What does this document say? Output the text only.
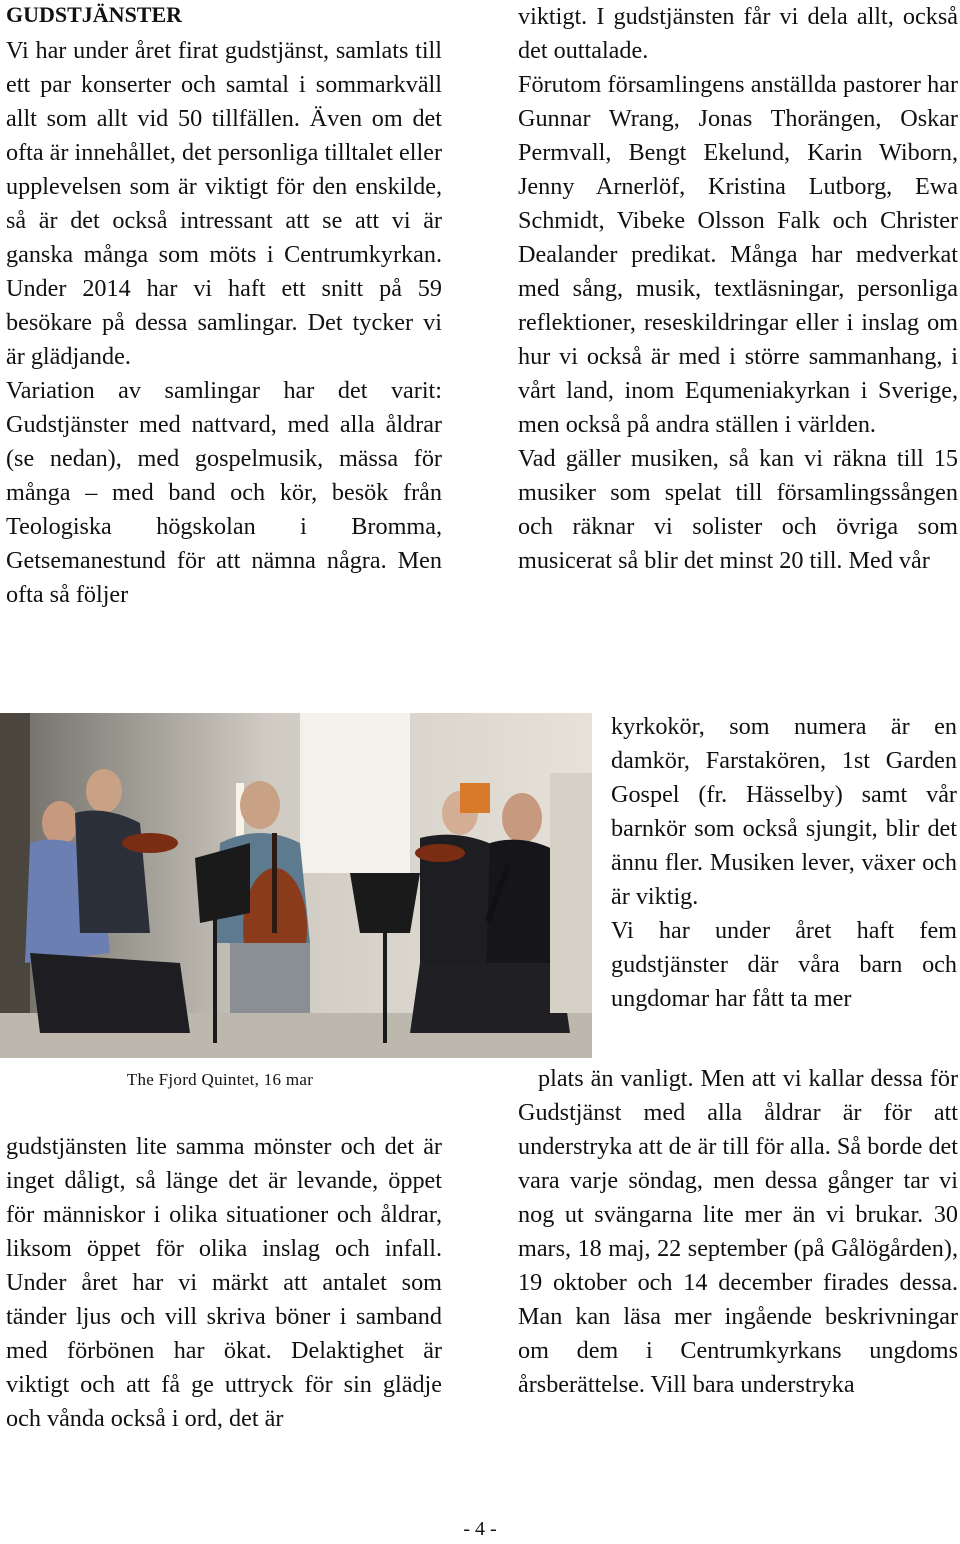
GUDSTJÄNSTER

Vi har under året firat gudstjänst, samlats till ett par konserter och samtal i sommarkväll allt som allt vid 50 tillfällen. Även om det ofta är innehållet, det personliga tilltalet eller upplevelsen som är viktigt för den enskilde, så är det också intressant att se att vi är ganska många som möts i Centrumkyrkan. Under 2014 har vi haft ett snitt på 59 besökare på dessa samlingar. Det tycker vi är glädjande.

Variation av samlingar har det varit: Gudstjänster med nattvard, med alla åldrar (se nedan), med gospelmusik, mässa för många – med band och kör, besök från Teologiska högskolan i Bromma, Getsemanestund för att nämna några. Men ofta så följer

The Fjord Quintet, 16 mar

gudstjänsten lite samma mönster och det är inget dåligt, så länge det är levande, öppet för människor i olika situationer och åldrar, liksom öppet för olika inslag och infall. Under året har vi märkt att antalet som tänder ljus och vill skriva böner i samband med förbönen har ökat. Delaktighet är viktigt och att få ge uttryck för sin glädje och vånda också i ord, det är

viktigt. I gudstjänsten får vi dela allt, också det outtalade.

Förutom församlingens anställda pastorer har Gunnar Wrang, Jonas Thorängen, Oskar Permvall, Bengt Ekelund, Karin Wiborn, Jenny Arnerlöf, Kristina Lutborg, Ewa Schmidt, Vibeke Olsson Falk och Christer Dealander predikat. Många har medverkat med sång, musik, textläsningar, personliga reflektioner, reseskildringar eller i inslag om hur vi också är med i större sammanhang, i vårt land, inom Equmeniakyrkan i Sverige, men också på andra ställen i världen.

Vad gäller musiken, så kan vi räkna till 15 musiker som spelat till församlingssången och räknar vi solister och övriga som musicerat så blir det minst 20 till. Med vår

kyrkokör, som numera är en damkör, Farstakören, 1st Garden Gospel (fr. Hässelby) samt vår barnkör som också sjungit, blir det ännu fler. Musiken lever, växer och är viktig.

Vi har under året haft fem gudstjänster där våra barn och ungdomar har fått ta mer

plats än vanligt. Men att vi kallar dessa för Gudstjänst med alla åldrar är för att understryka att de är till för alla. Så borde det vara varje söndag, men dessa gånger tar vi nog ut svängarna lite mer än vi brukar. 30 mars, 18 maj, 22 september (på Gålögården), 19 oktober och 14 december firades dessa. Man kan läsa mer ingående beskrivningar om dem i Centrumkyrkans ungdoms årsberättelse. Vill bara understryka

- 4 -
